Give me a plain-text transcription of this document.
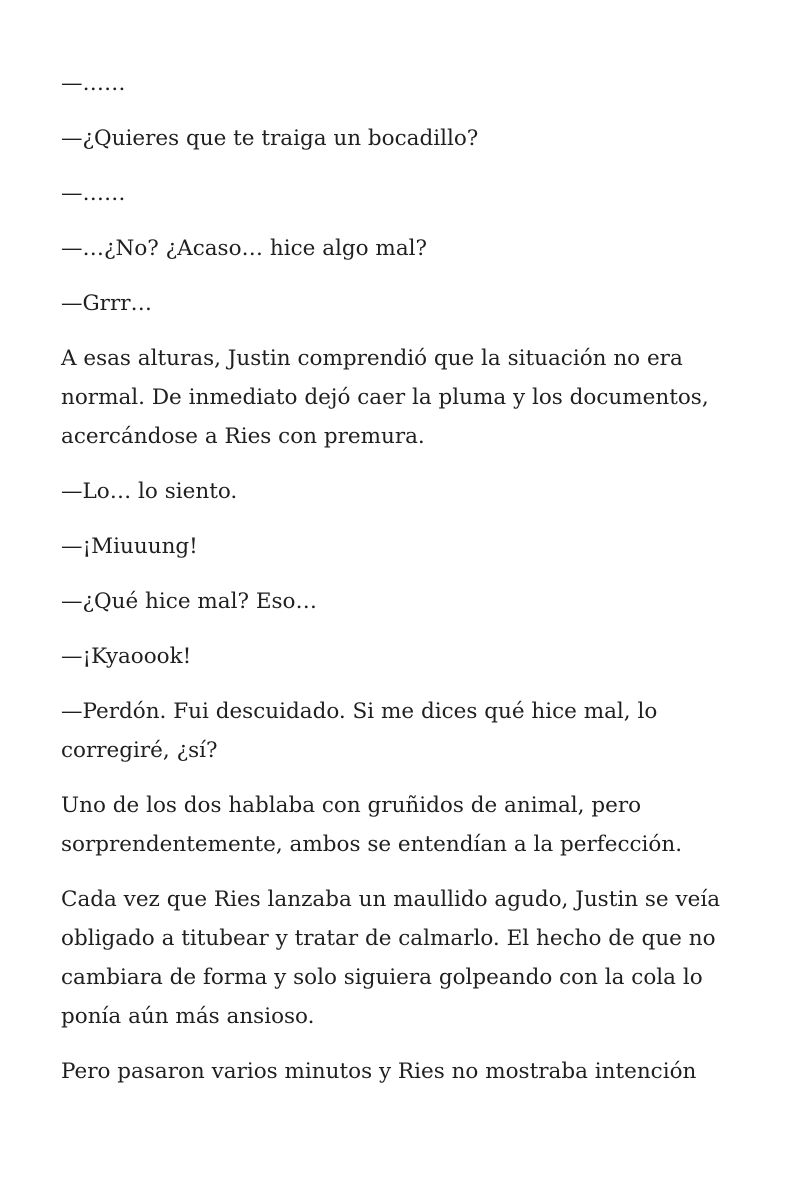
—……

—¿Quieres que te traiga un bocadillo?

—……

—…¿No? ¿Acaso… hice algo mal?

—Grrr…

A esas alturas, Justin comprendió que la situación no era normal. De inmediato dejó caer la pluma y los documentos, acercándose a Ries con premura.

—Lo… lo siento.

—¡Miuuung!

—¿Qué hice mal? Eso…

—¡Kyaoook!

—Perdón. Fui descuidado. Si me dices qué hice mal, lo corregiré, ¿sí?

Uno de los dos hablaba con gruñidos de animal, pero sorprendentemente, ambos se entendían a la perfección.

Cada vez que Ries lanzaba un maullido agudo, Justin se veía obligado a titubear y tratar de calmarlo. El hecho de que no cambiara de forma y solo siguiera golpeando con la cola lo ponía aún más ansioso.

Pero pasaron varios minutos y Ries no mostraba intención
